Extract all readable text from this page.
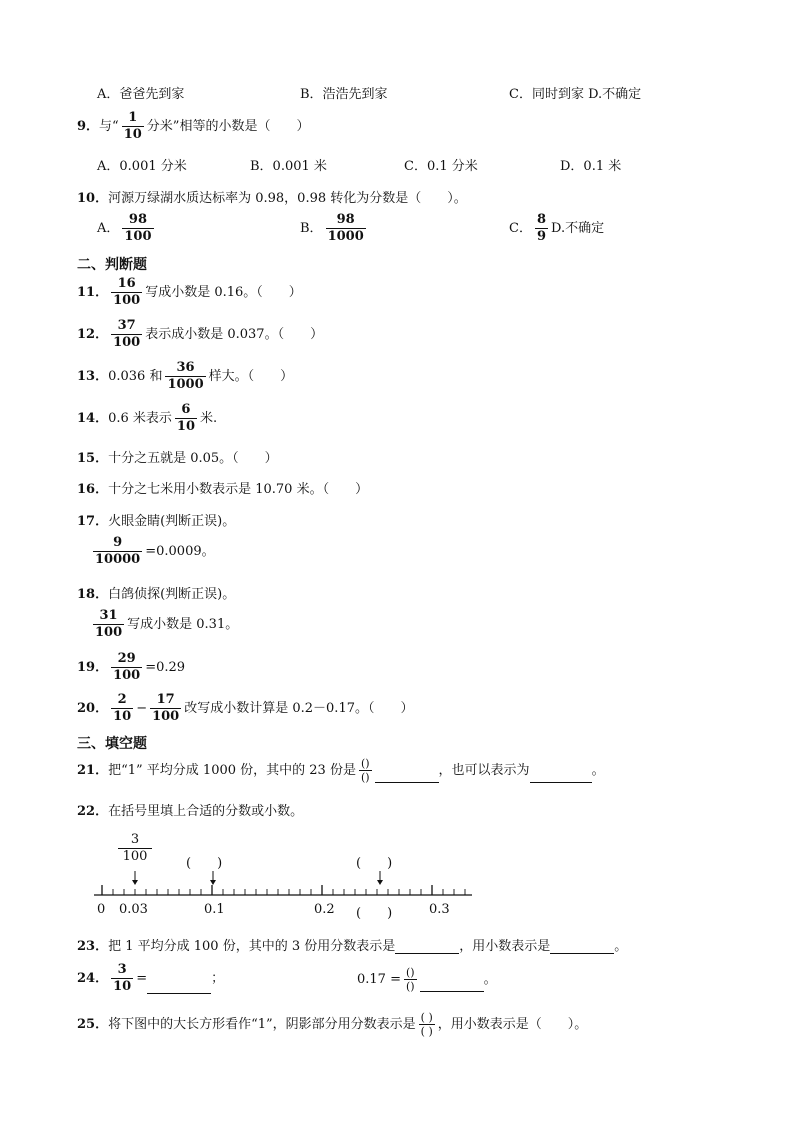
A．爸爸先到家	B．浩浩先到家	C．同时到家 D.不确定
9．与“ $\frac{1}{10}$ 分米”相等的小数是（　　）
A．0.001 分米	B．0.001 米	C．0.1 分米	D．0.1 米
10．河源万绿湖水质达标率为 0.98，0.98 转化为分数是（　　）。
A． $\frac{98}{100}$	B． $\frac{98}{1000}$	C． $\frac{8}{9} D$.不确定
二、判断题
11． $\frac{16}{100}$ 写成小数是 0.16。（　　）
12． $\frac{37}{100}$ 表示成小数是 0.037。（　　）
13．0.036 和 $\frac{36}{1000}$ 样大。（　　）
14．0.6 米表示 $\frac{6}{10}$ 米.
15．十分之五就是 0.05。（　　）
16．十分之七米用小数表示是 10.70 米。（　　）
17．火眼金睛(判断正误)。
$\frac{9}{10000} =0.0009$。
18．白鸽侦探(判断正误)。
$\frac{31}{100}$ 写成小数是 0.31。
19． $\frac{29}{100} =0.29$
20． $\frac{2}{10} - \frac{17}{100}$ 改写成小数计算是 0.2－0.17。（　　）
三、填空题
21．把“1” 平均分成 1000 份，其中的 23 份是 $\frac{()}{()}$	，也可以表示为	。
22．在括号里填上合适的分数或小数。
$\frac{3}{100}$	(　　)	(　　)
(　　)
0 0.03	0.1	0.2	0.3
23．把 1 平均分成 100 份，其中的 3 份用分数表示是	，用小数表示是	。
24． $\frac{3}{10}$ =	；	$0.17 = \frac{()}{()}$	。
25．将下图中的大长方形看作“1”，阴影部分用分数表示是 $\frac{( )}{( )}$ ，用小数表示是（　　）。
